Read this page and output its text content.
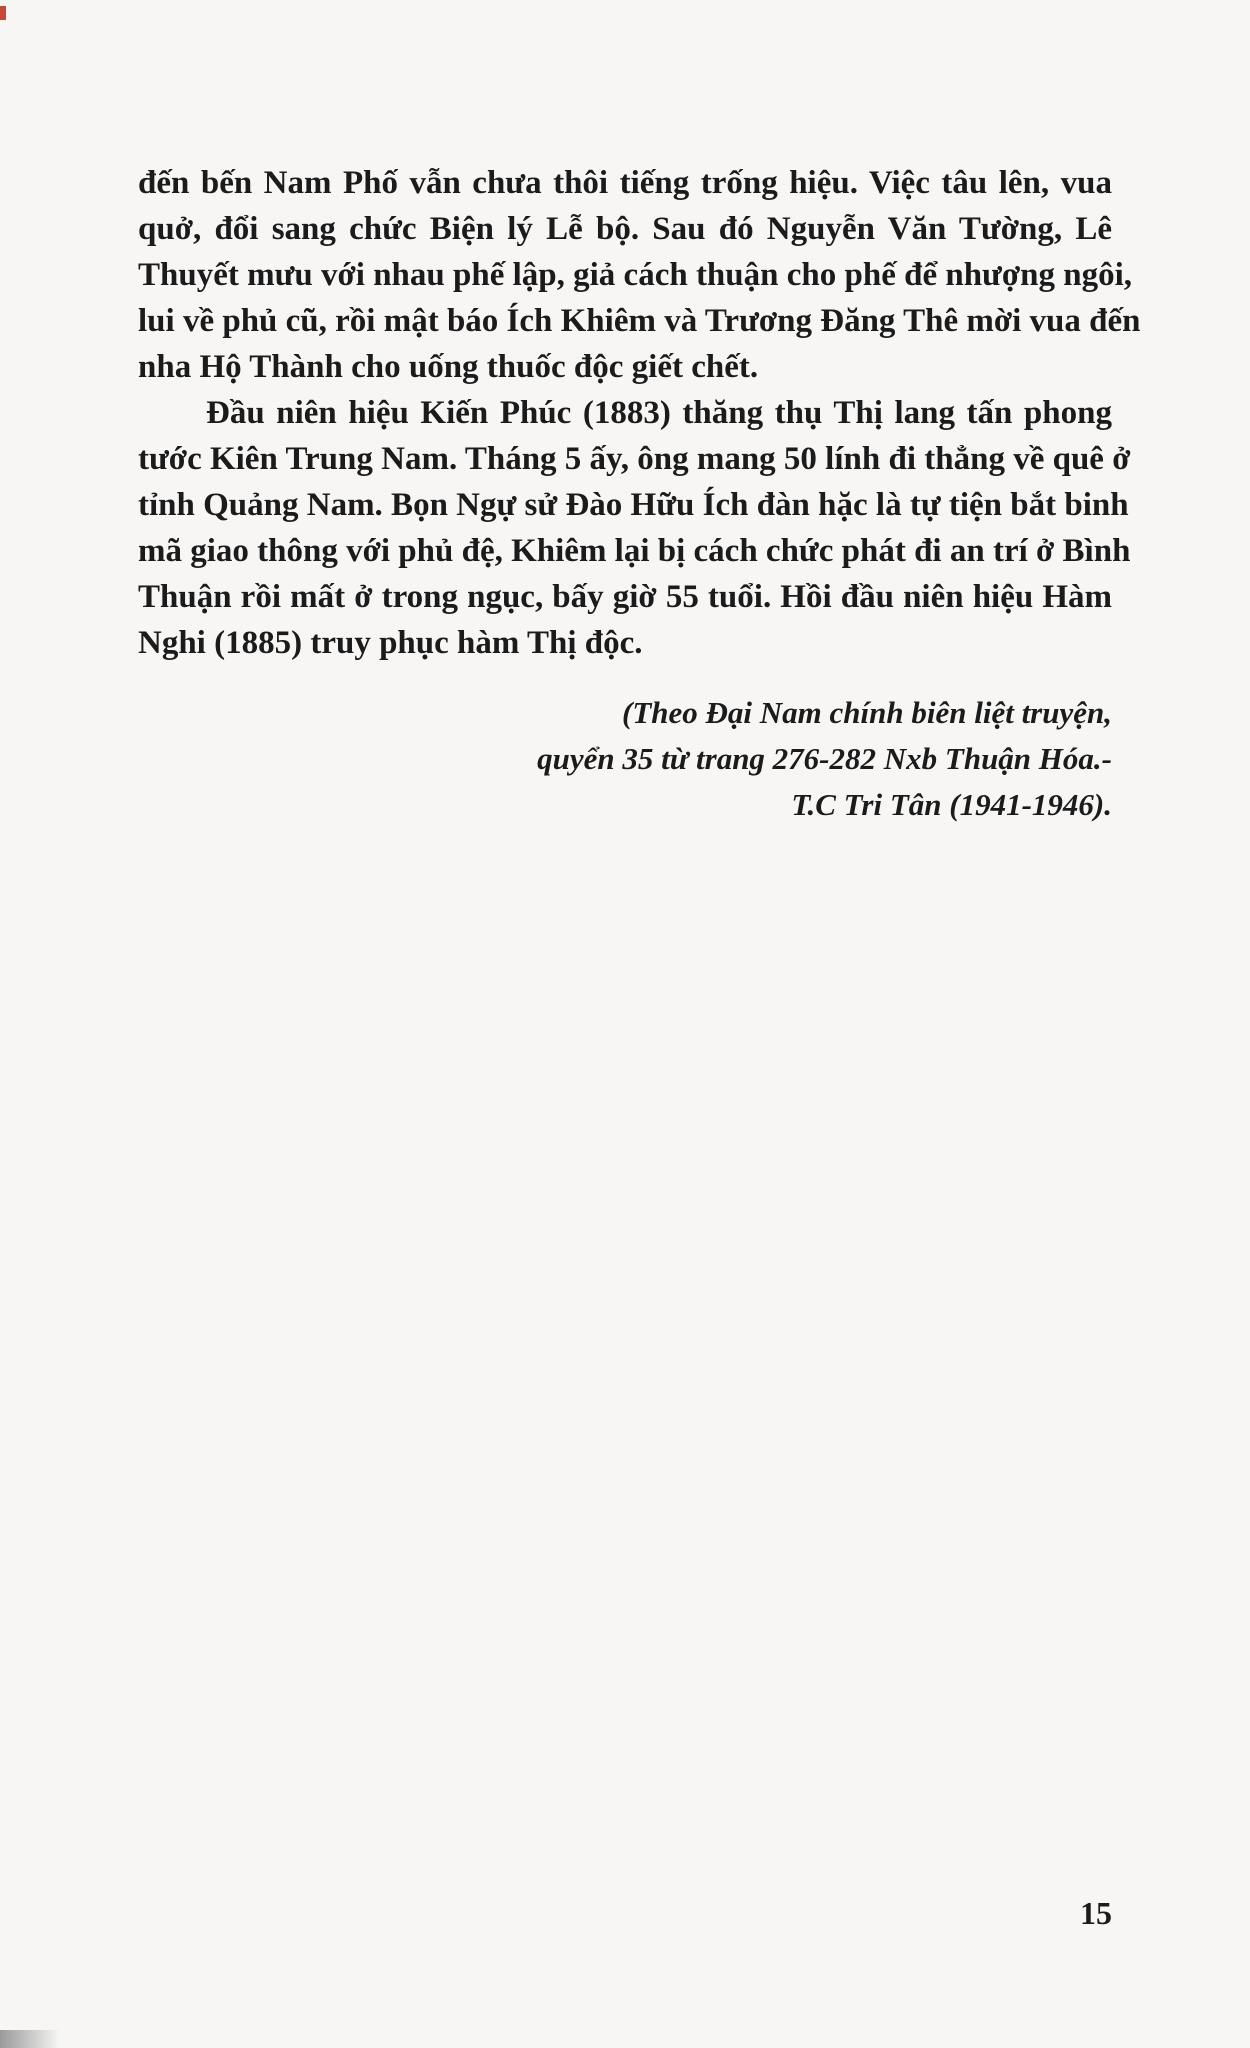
đến bến Nam Phố vẫn chưa thôi tiếng trống hiệu. Việc tâu lên, vua
quở, đổi sang chức Biện lý Lễ bộ. Sau đó Nguyễn Văn Tường, Lê
Thuyết mưu với nhau phế lập, giả cách thuận cho phế để nhượng ngôi,
lui về phủ cũ, rồi mật báo Ích Khiêm và Trương Đăng Thê mời vua đến
nha Hộ Thành cho uống thuốc độc giết chết.
Đầu niên hiệu Kiến Phúc (1883) thăng thụ Thị lang tấn phong
tước Kiên Trung Nam. Tháng 5 ấy, ông mang 50 lính đi thẳng về quê ở
tỉnh Quảng Nam. Bọn Ngự sử Đào Hữu Ích đàn hặc là tự tiện bắt binh
mã giao thông với phủ đệ, Khiêm lại bị cách chức phát đi an trí ở Bình
Thuận rồi mất ở trong ngục, bấy giờ 55 tuổi. Hồi đầu niên hiệu Hàm
Nghi (1885) truy phục hàm Thị độc.
(Theo Đại Nam chính biên liệt truyện,
quyển 35 từ trang 276-282 Nxb Thuận Hóa.-
T.C Tri Tân (1941-1946).
15
